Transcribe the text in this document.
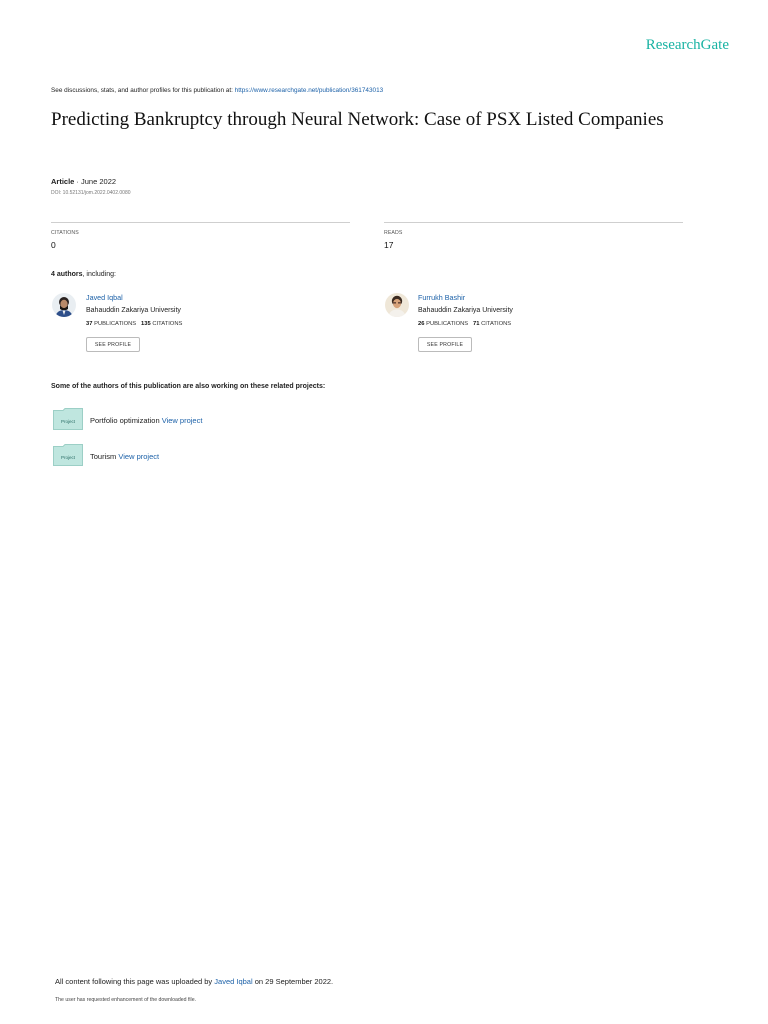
ResearchGate
See discussions, stats, and author profiles for this publication at: https://www.researchgate.net/publication/361743013
Predicting Bankruptcy through Neural Network: Case of PSX Listed Companies
Article · June 2022
DOI: 10.52131/jom.2022.0402.0080
CITATIONS
0
READS
17
4 authors, including:
Javed Iqbal
Bahauddin Zakariya University
37 PUBLICATIONS 135 CITATIONS
SEE PROFILE
Furrukh Bashir
Bahauddin Zakariya University
26 PUBLICATIONS 71 CITATIONS
SEE PROFILE
Some of the authors of this publication are also working on these related projects:
Project Portfolio optimization View project
Project Tourism View project
All content following this page was uploaded by Javed Iqbal on 29 September 2022.
The user has requested enhancement of the downloaded file.
